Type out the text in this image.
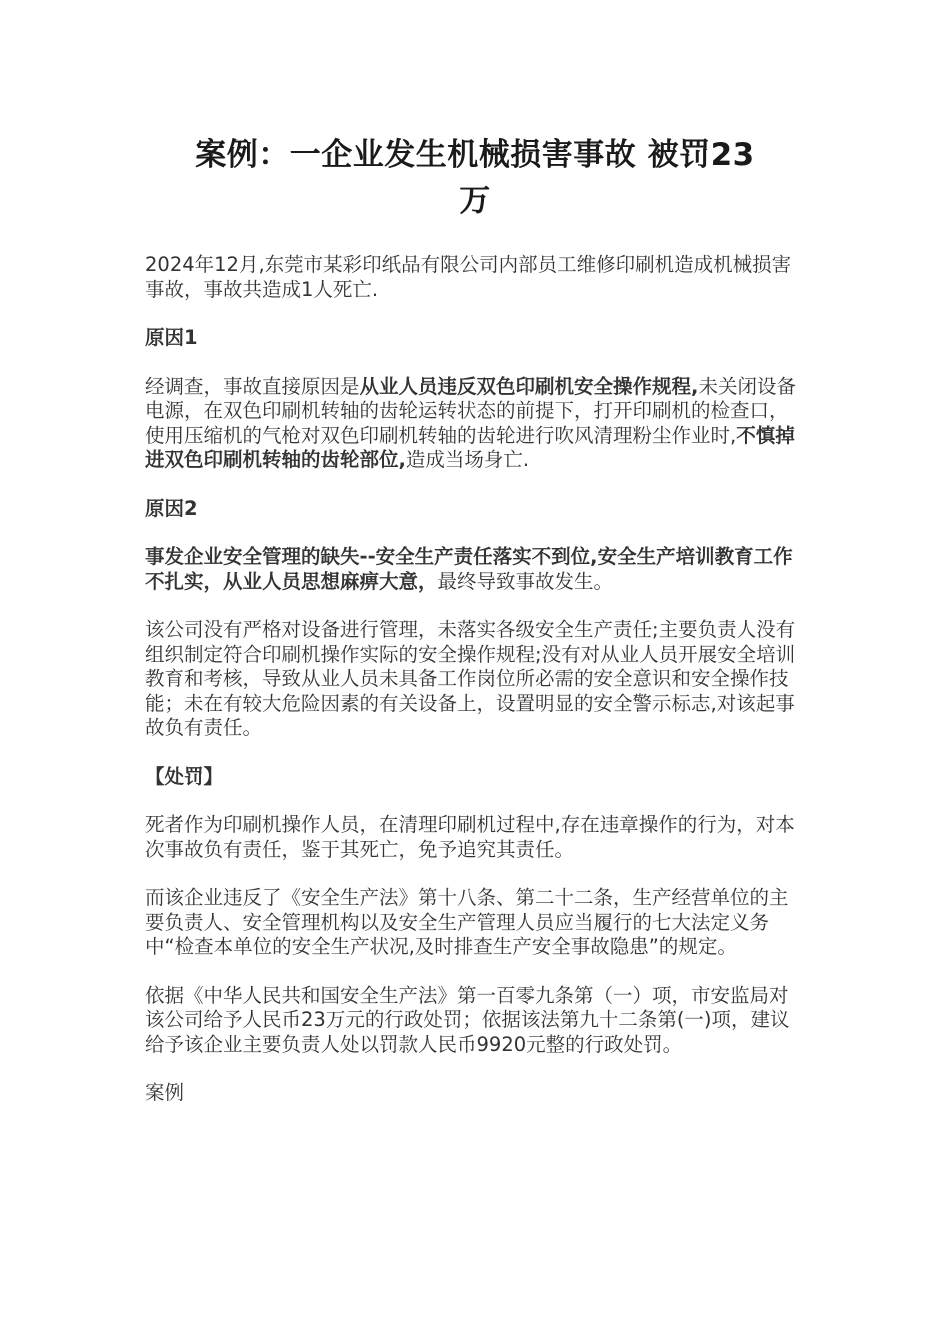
案例：一企业发生机械损害事故 被罚23
万

2024年12月,东莞市某彩印纸品有限公司内部员工维修印刷机造成机械损害事故，事故共造成1人死亡.

原因1

经调查，事故直接原因是从业人员违反双色印刷机安全操作规程,未关闭设备电源，在双色印刷机转轴的齿轮运转状态的前提下，打开印刷机的检查口，使用压缩机的气枪对双色印刷机转轴的齿轮进行吹风清理粉尘作业时,不慎掉进双色印刷机转轴的齿轮部位,造成当场身亡.

原因2

事发企业安全管理的缺失--安全生产责任落实不到位,安全生产培训教育工作不扎实，从业人员思想麻痹大意，最终导致事故发生。

该公司没有严格对设备进行管理，未落实各级安全生产责任;主要负责人没有组织制定符合印刷机操作实际的安全操作规程;没有对从业人员开展安全培训教育和考核，导致从业人员未具备工作岗位所必需的安全意识和安全操作技能；未在有较大危险因素的有关设备上，设置明显的安全警示标志,对该起事故负有责任。

【处罚】

死者作为印刷机操作人员，在清理印刷机过程中,存在违章操作的行为，对本次事故负有责任，鉴于其死亡，免予追究其责任。

而该企业违反了《安全生产法》第十八条、第二十二条，生产经营单位的主要负责人、安全管理机构以及安全生产管理人员应当履行的七大法定义务中“检查本单位的安全生产状况,及时排查生产安全事故隐患”的规定。

依据《中华人民共和国安全生产法》第一百零九条第（一）项，市安监局对该公司给予人民币23万元的行政处罚；依据该法第九十二条第(一)项，建议给予该企业主要负责人处以罚款人民币9920元整的行政处罚。

案例
